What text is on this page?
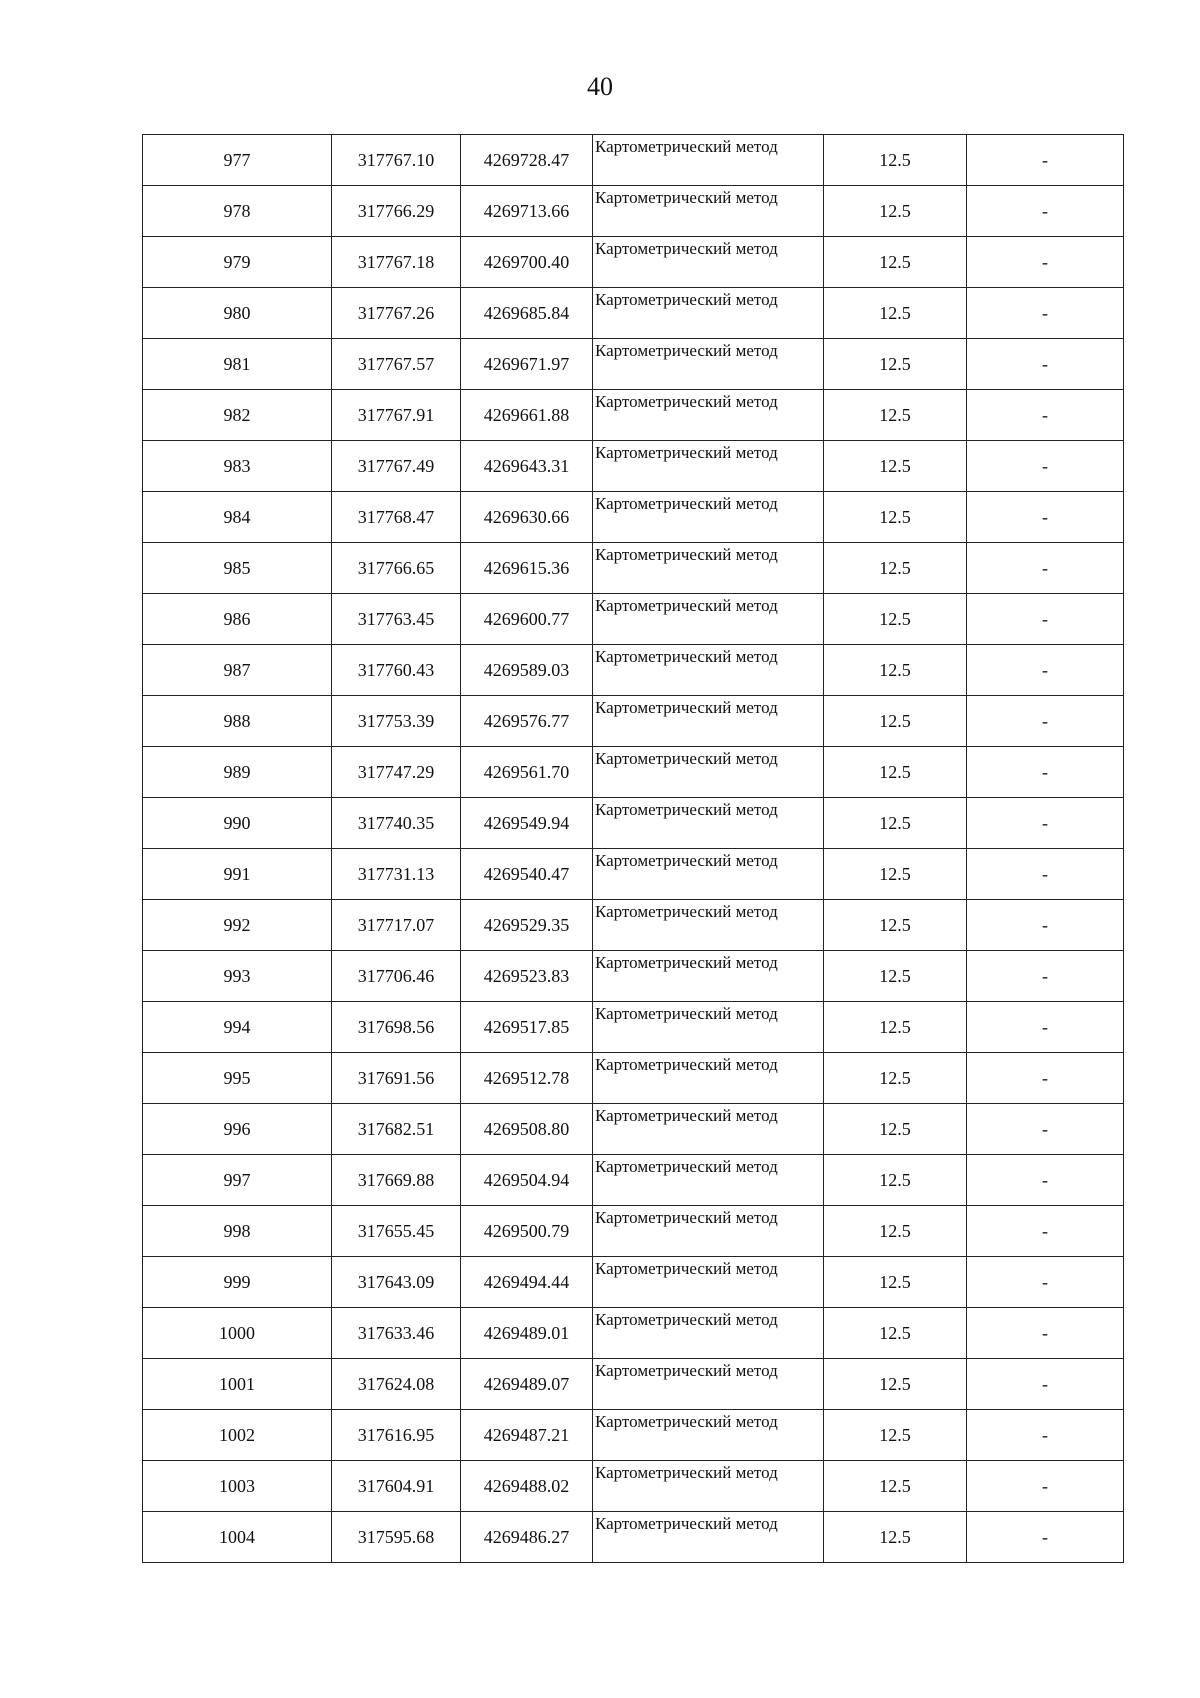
40
977	317767.10	4269728.47	Картометрический метод	12.5	-
978	317766.29	4269713.66	Картометрический метод	12.5	-
979	317767.18	4269700.40	Картометрический метод	12.5	-
980	317767.26	4269685.84	Картометрический метод	12.5	-
981	317767.57	4269671.97	Картометрический метод	12.5	-
982	317767.91	4269661.88	Картометрический метод	12.5	-
983	317767.49	4269643.31	Картометрический метод	12.5	-
984	317768.47	4269630.66	Картометрический метод	12.5	-
985	317766.65	4269615.36	Картометрический метод	12.5	-
986	317763.45	4269600.77	Картометрический метод	12.5	-
987	317760.43	4269589.03	Картометрический метод	12.5	-
988	317753.39	4269576.77	Картометрический метод	12.5	-
989	317747.29	4269561.70	Картометрический метод	12.5	-
990	317740.35	4269549.94	Картометрический метод	12.5	-
991	317731.13	4269540.47	Картометрический метод	12.5	-
992	317717.07	4269529.35	Картометрический метод	12.5	-
993	317706.46	4269523.83	Картометрический метод	12.5	-
994	317698.56	4269517.85	Картометрический метод	12.5	-
995	317691.56	4269512.78	Картометрический метод	12.5	-
996	317682.51	4269508.80	Картометрический метод	12.5	-
997	317669.88	4269504.94	Картометрический метод	12.5	-
998	317655.45	4269500.79	Картометрический метод	12.5	-
999	317643.09	4269494.44	Картометрический метод	12.5	-
1000	317633.46	4269489.01	Картометрический метод	12.5	-
1001	317624.08	4269489.07	Картометрический метод	12.5	-
1002	317616.95	4269487.21	Картометрический метод	12.5	-
1003	317604.91	4269488.02	Картометрический метод	12.5	-
1004	317595.68	4269486.27	Картометрический метод	12.5	-
